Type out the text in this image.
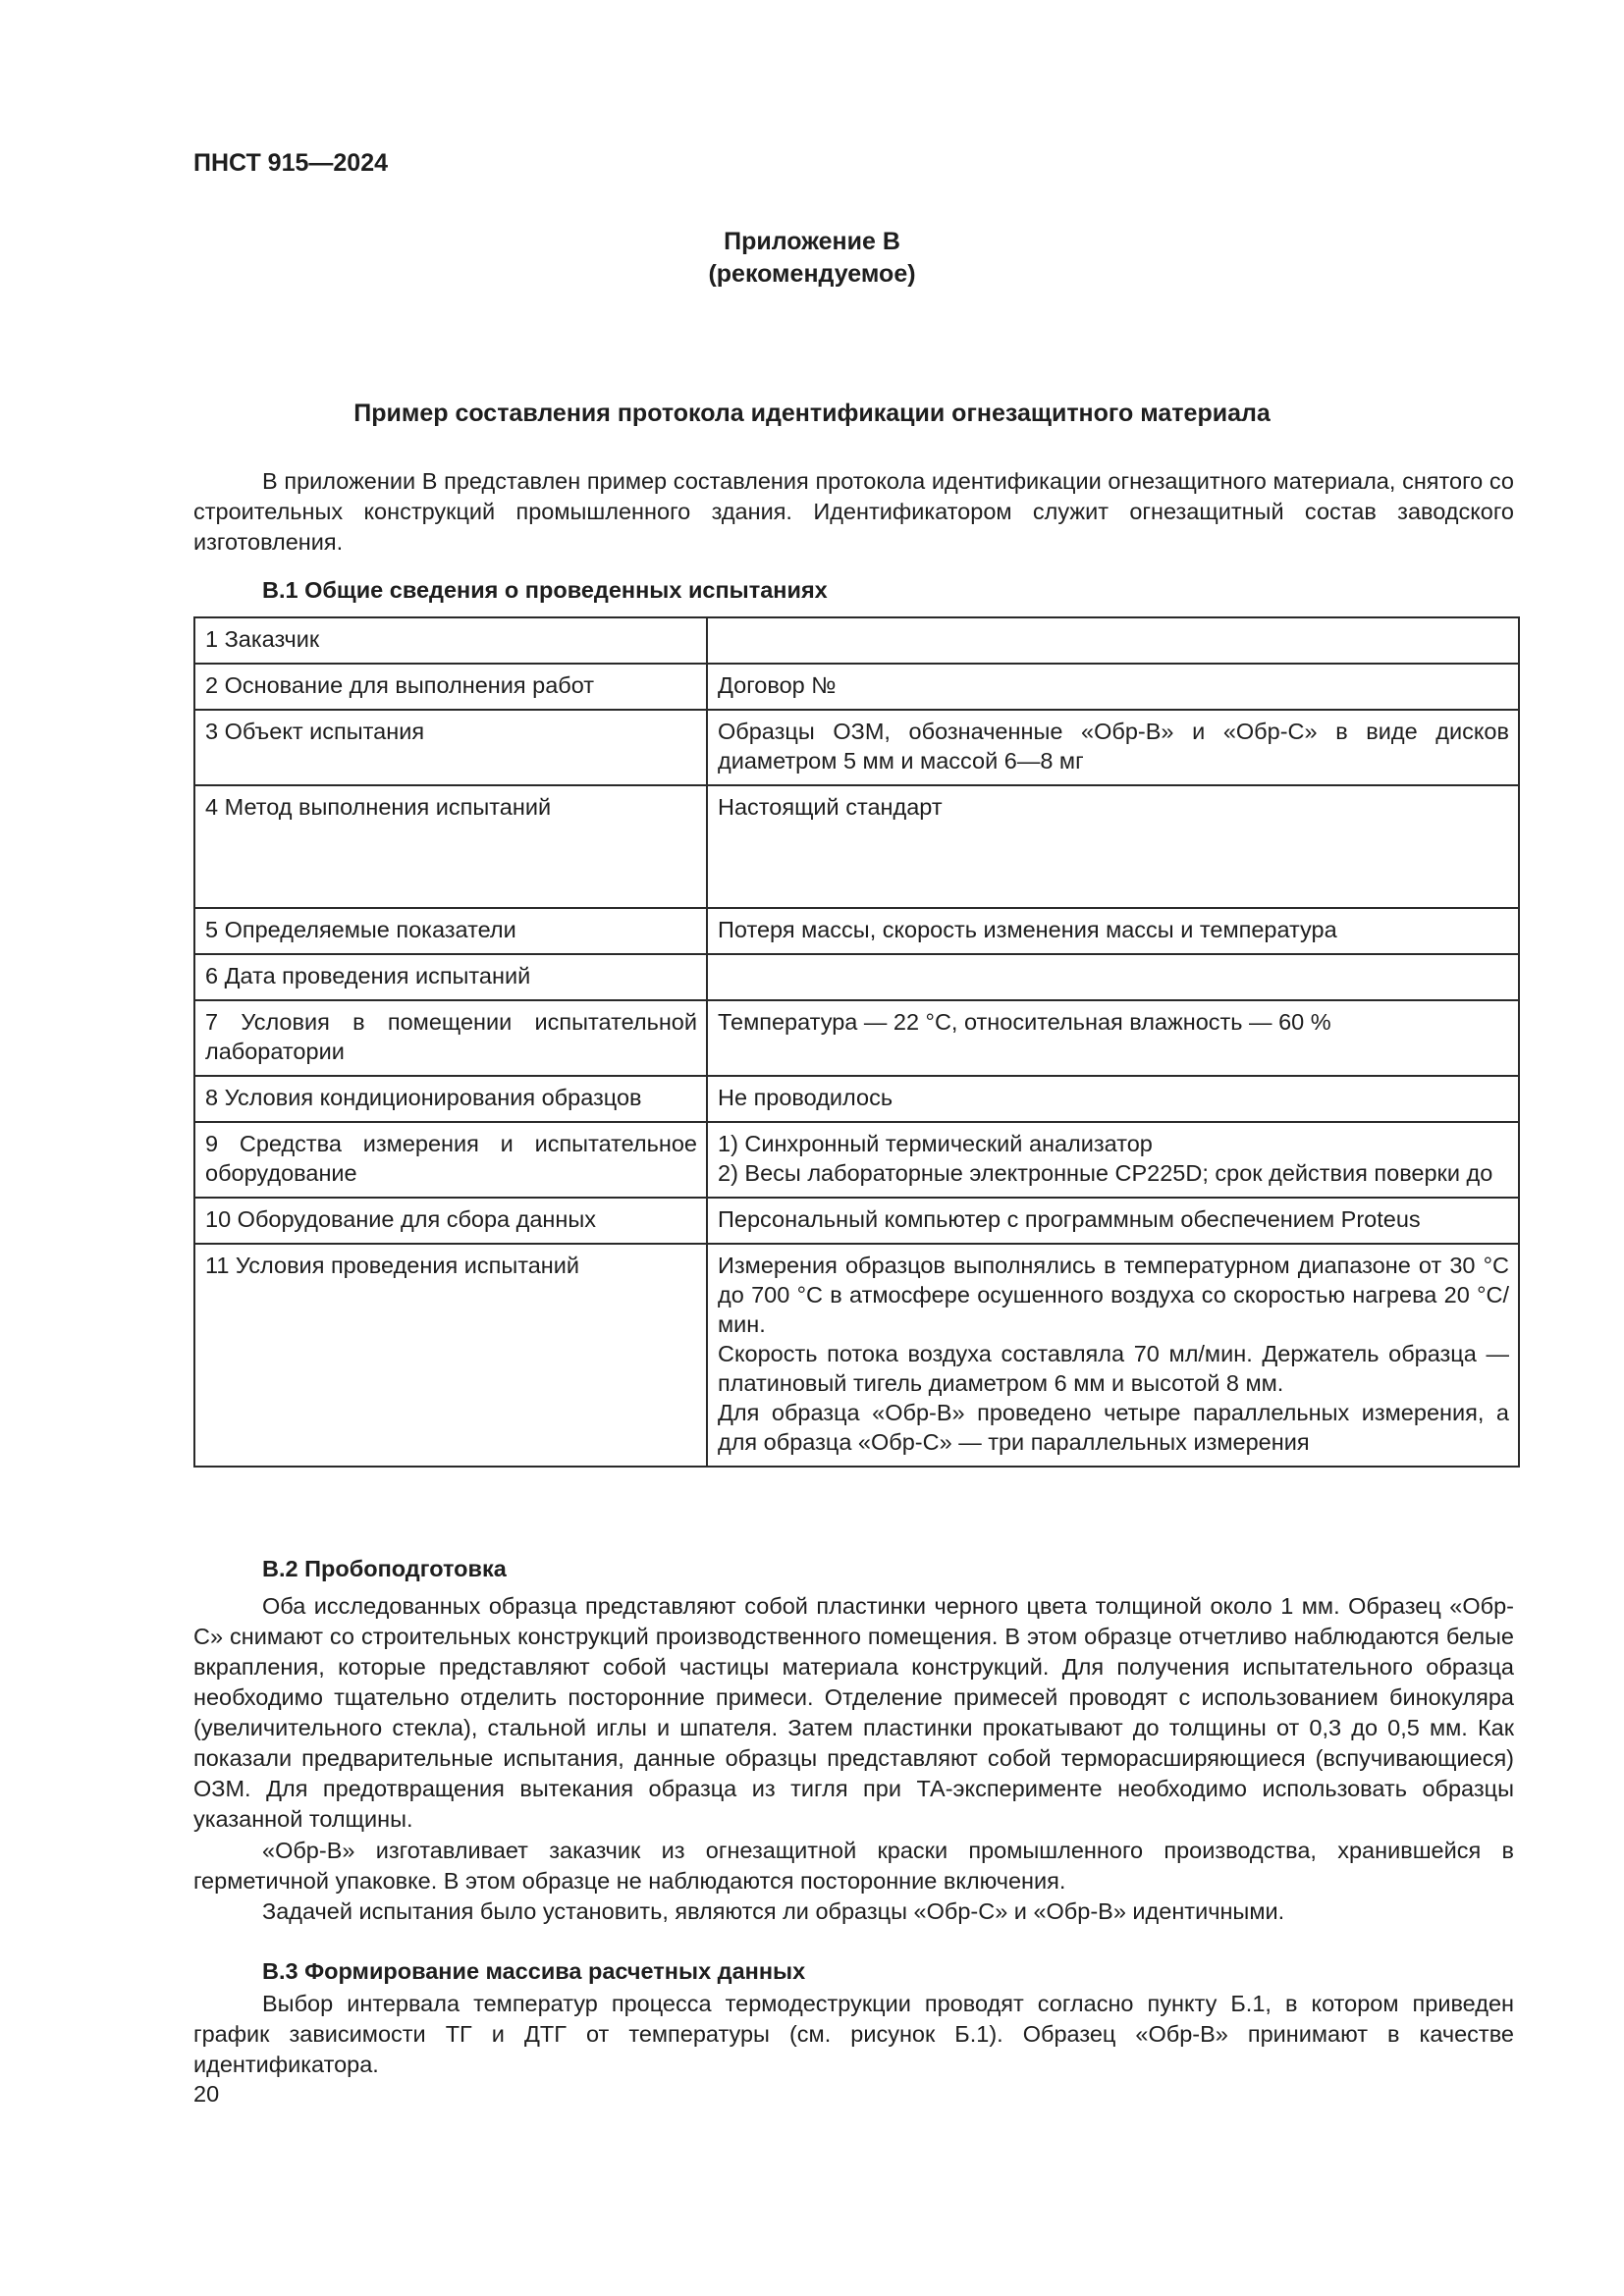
ПНСТ 915—2024
Приложение В
(рекомендуемое)
Пример составления протокола идентификации огнезащитного материала

В приложении В представлен пример составления протокола идентификации огнезащитного материала, снятого со строительных конструкций промышленного здания. Идентификатором служит огнезащитный состав заводского изготовления.

В.1 Общие сведения о проведенных испытаниях
1 Заказчик	
2 Основание для выполнения работ	Договор №
3 Объект испытания	Образцы ОЗМ, обозначенные «Обр-В» и «Обр-С» в виде дисков диаметром 5 мм и массой 6—8 мг
4 Метод выполнения испытаний	Настоящий стандарт
5 Определяемые показатели	Потеря массы, скорость изменения массы и температура
6 Дата проведения испытаний	
7 Условия в помещении испытательной лаборатории	Температура — 22 °С, относительная влажность — 60 %
8 Условия кондиционирования образцов	Не проводилось
9 Средства измерения и испытательное оборудование	1) Синхронный термический анализатор
2) Весы лабораторные электронные CP225D; срок действия поверки до

10 Оборудование для сбора данных	Персональный компьютер с программным обеспечением Proteus
11 Условия проведения испытаний	Измерения образцов выполнялись в температурном диапазоне от 30 °С до 700 °С в атмосфере осушенного воздуха со скоростью нагрева 20 °С/мин.
Скорость потока воздуха составляла 70 мл/мин. Держатель образца — платиновый тигель диаметром 6 мм и высотой 8 мм.
Для образца «Обр-В» проведено четыре параллельных измерения, а для образца «Обр-С» — три параллельных измерения
В.2 Пробоподготовка

Оба исследованных образца представляют собой пластинки черного цвета толщиной около 1 мм. Образец «Обр-С» снимают со строительных конструкций производственного помещения. В этом образце отчетливо наблюдаются белые вкрапления, которые представляют собой частицы материала конструкций. Для получения испытательного образца необходимо тщательно отделить посторонние примеси. Отделение примесей проводят с использованием бинокуляра (увеличительного стекла), стальной иглы и шпателя. Затем пластинки прокатывают до толщины от 0,3 до 0,5 мм. Как показали предварительные испытания, данные образцы представляют собой терморасширяющиеся (вспучивающиеся) ОЗМ. Для предотвращения вытекания образца из тигля при ТА-эксперименте необходимо использовать образцы указанной толщины.

«Обр-В» изготавливает заказчик из огнезащитной краски промышленного производства, хранившейся в герметичной упаковке. В этом образце не наблюдаются посторонние включения.

Задачей испытания было установить, являются ли образцы «Обр-С» и «Обр-В» идентичными.

В.3 Формирование массива расчетных данных

Выбор интервала температур процесса термодеструкции проводят согласно пункту Б.1, в котором приведен график зависимости ТГ и ДТГ от температуры (см. рисунок Б.1). Образец «Обр-В» принимают в качестве идентификатора.

20
